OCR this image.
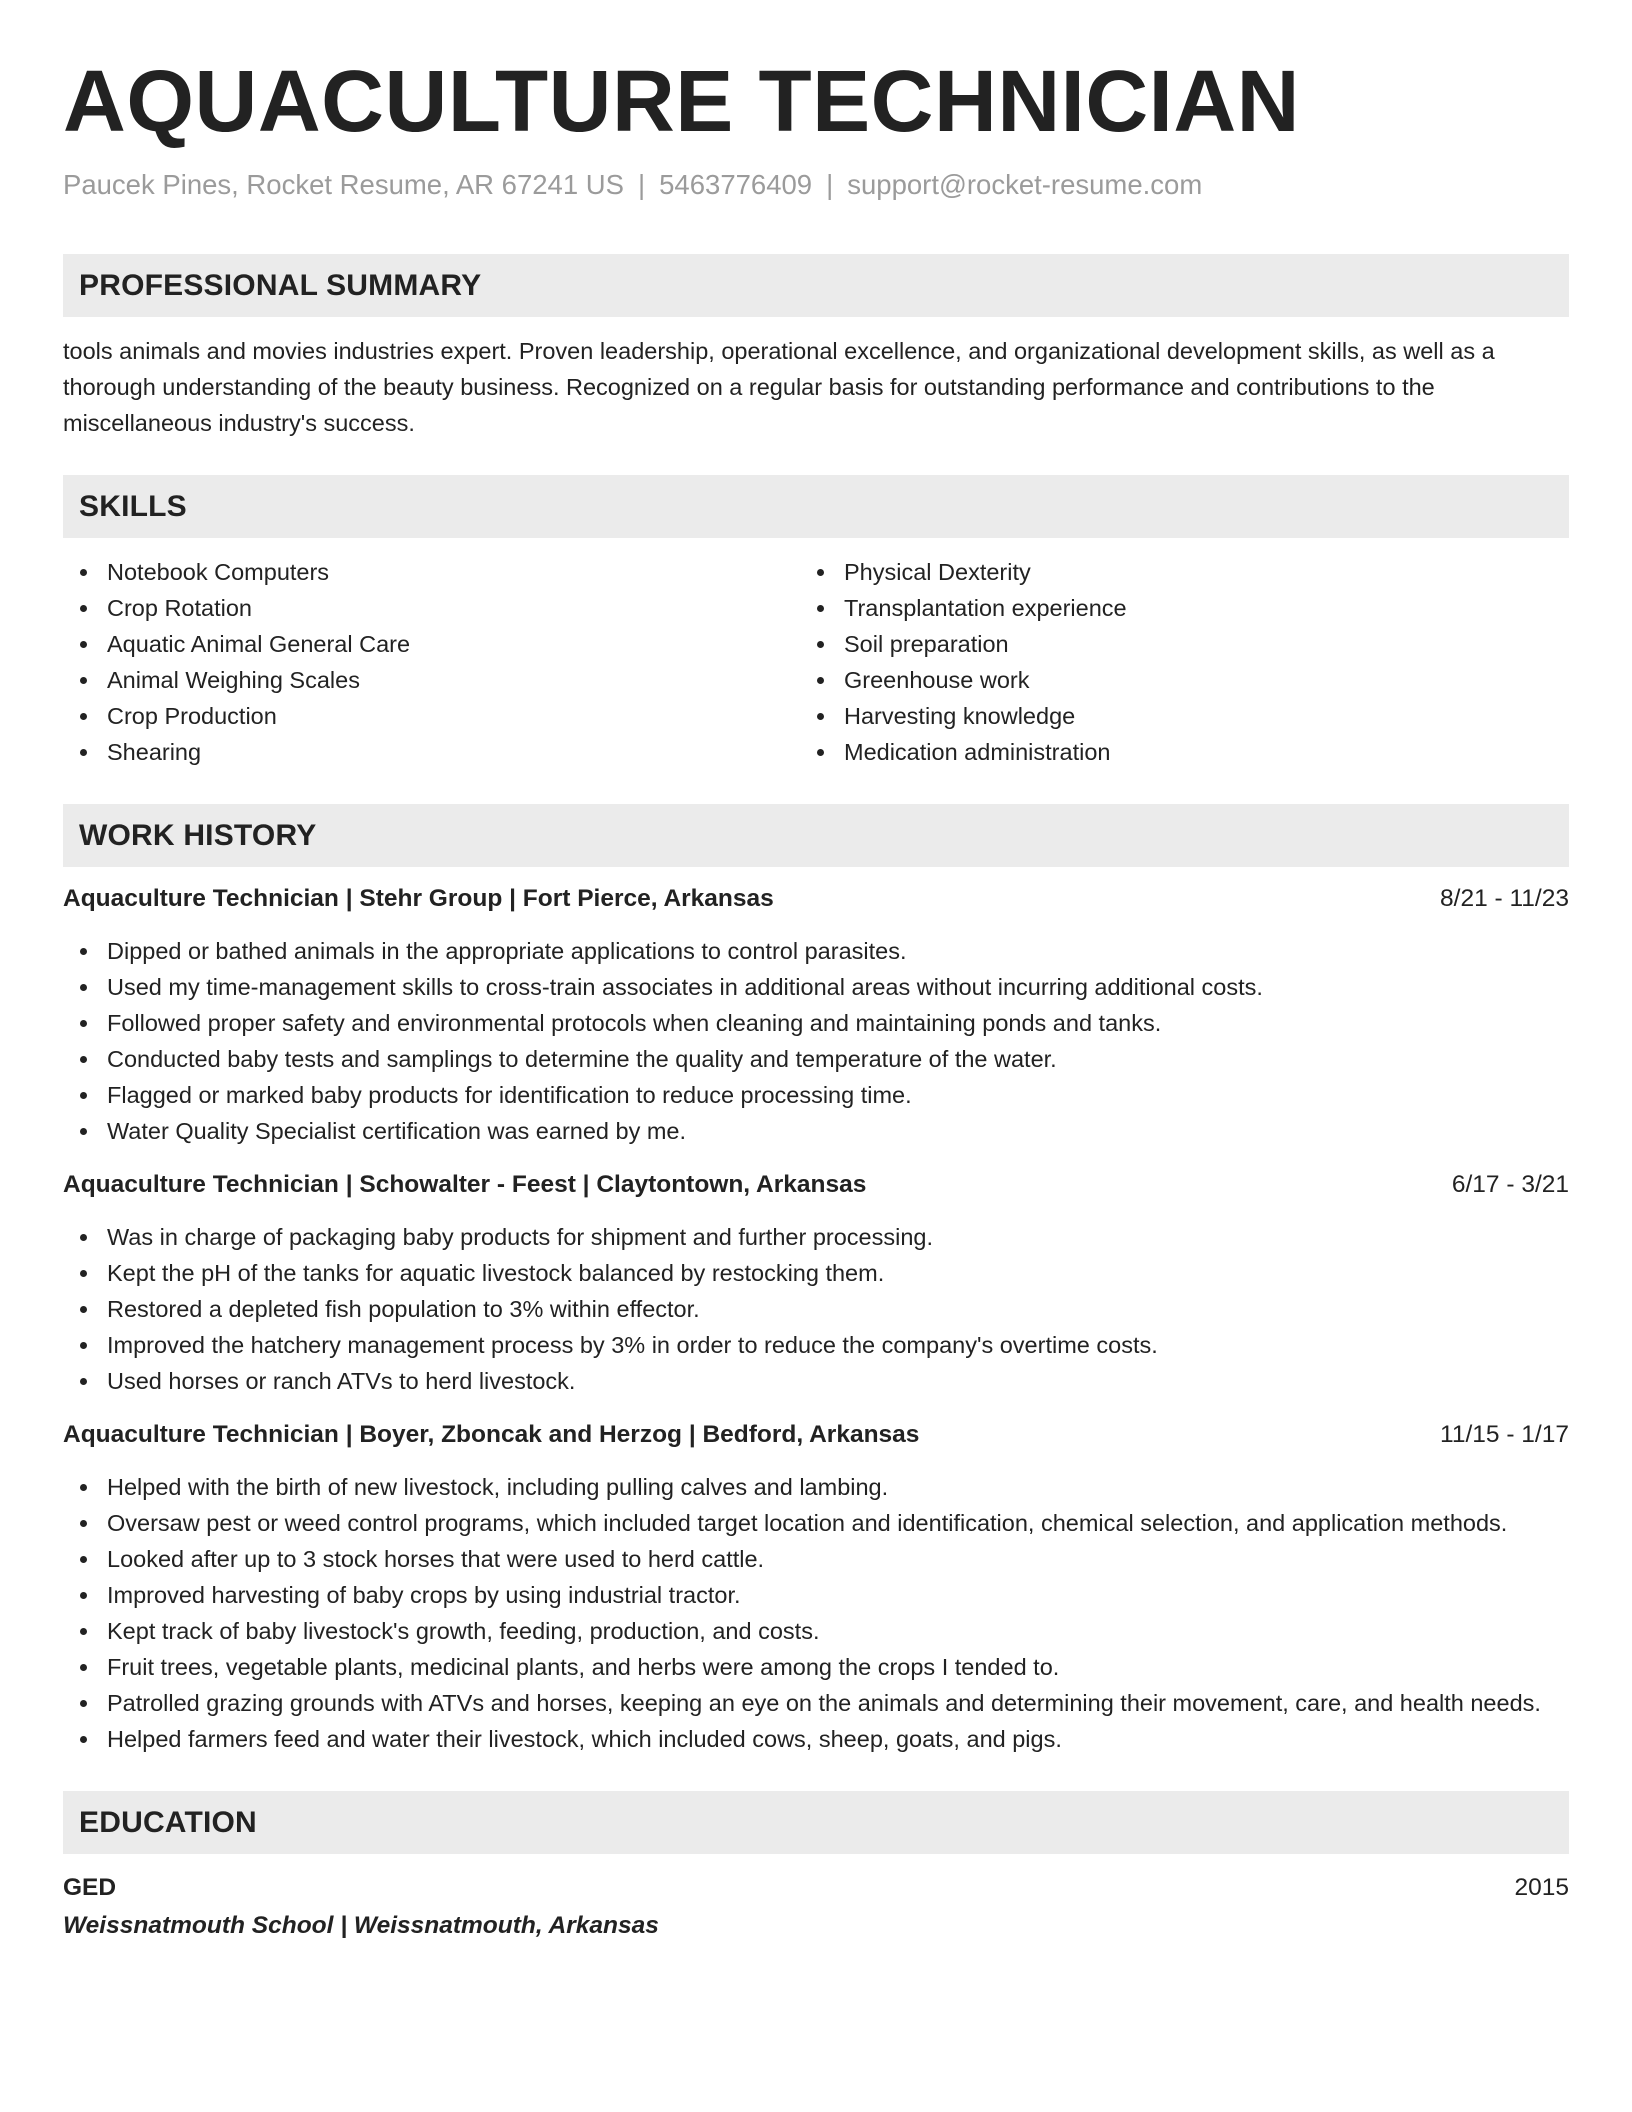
AQUACULTURE TECHNICIAN
Paucek Pines, Rocket Resume, AR 67241 US | 5463776409 | support@rocket-resume.com
PROFESSIONAL SUMMARY
tools animals and movies industries expert. Proven leadership, operational excellence, and organizational development skills, as well as a thorough understanding of the beauty business. Recognized on a regular basis for outstanding performance and contributions to the miscellaneous industry's success.
SKILLS
Notebook Computers
Crop Rotation
Aquatic Animal General Care
Animal Weighing Scales
Crop Production
Shearing
Physical Dexterity
Transplantation experience
Soil preparation
Greenhouse work
Harvesting knowledge
Medication administration
WORK HISTORY
Aquaculture Technician | Stehr Group | Fort Pierce, Arkansas	8/21 - 11/23
Dipped or bathed animals in the appropriate applications to control parasites.
Used my time-management skills to cross-train associates in additional areas without incurring additional costs.
Followed proper safety and environmental protocols when cleaning and maintaining ponds and tanks.
Conducted baby tests and samplings to determine the quality and temperature of the water.
Flagged or marked baby products for identification to reduce processing time.
Water Quality Specialist certification was earned by me.
Aquaculture Technician | Schowalter - Feest | Claytontown, Arkansas	6/17 - 3/21
Was in charge of packaging baby products for shipment and further processing.
Kept the pH of the tanks for aquatic livestock balanced by restocking them.
Restored a depleted fish population to 3% within effector.
Improved the hatchery management process by 3% in order to reduce the company's overtime costs.
Used horses or ranch ATVs to herd livestock.
Aquaculture Technician | Boyer, Zboncak and Herzog | Bedford, Arkansas	11/15 - 1/17
Helped with the birth of new livestock, including pulling calves and lambing.
Oversaw pest or weed control programs, which included target location and identification, chemical selection, and application methods.
Looked after up to 3 stock horses that were used to herd cattle.
Improved harvesting of baby crops by using industrial tractor.
Kept track of baby livestock's growth, feeding, production, and costs.
Fruit trees, vegetable plants, medicinal plants, and herbs were among the crops I tended to.
Patrolled grazing grounds with ATVs and horses, keeping an eye on the animals and determining their movement, care, and health needs.
Helped farmers feed and water their livestock, which included cows, sheep, goats, and pigs.
EDUCATION
GED	2015
Weissnatmouth School | Weissnatmouth, Arkansas
